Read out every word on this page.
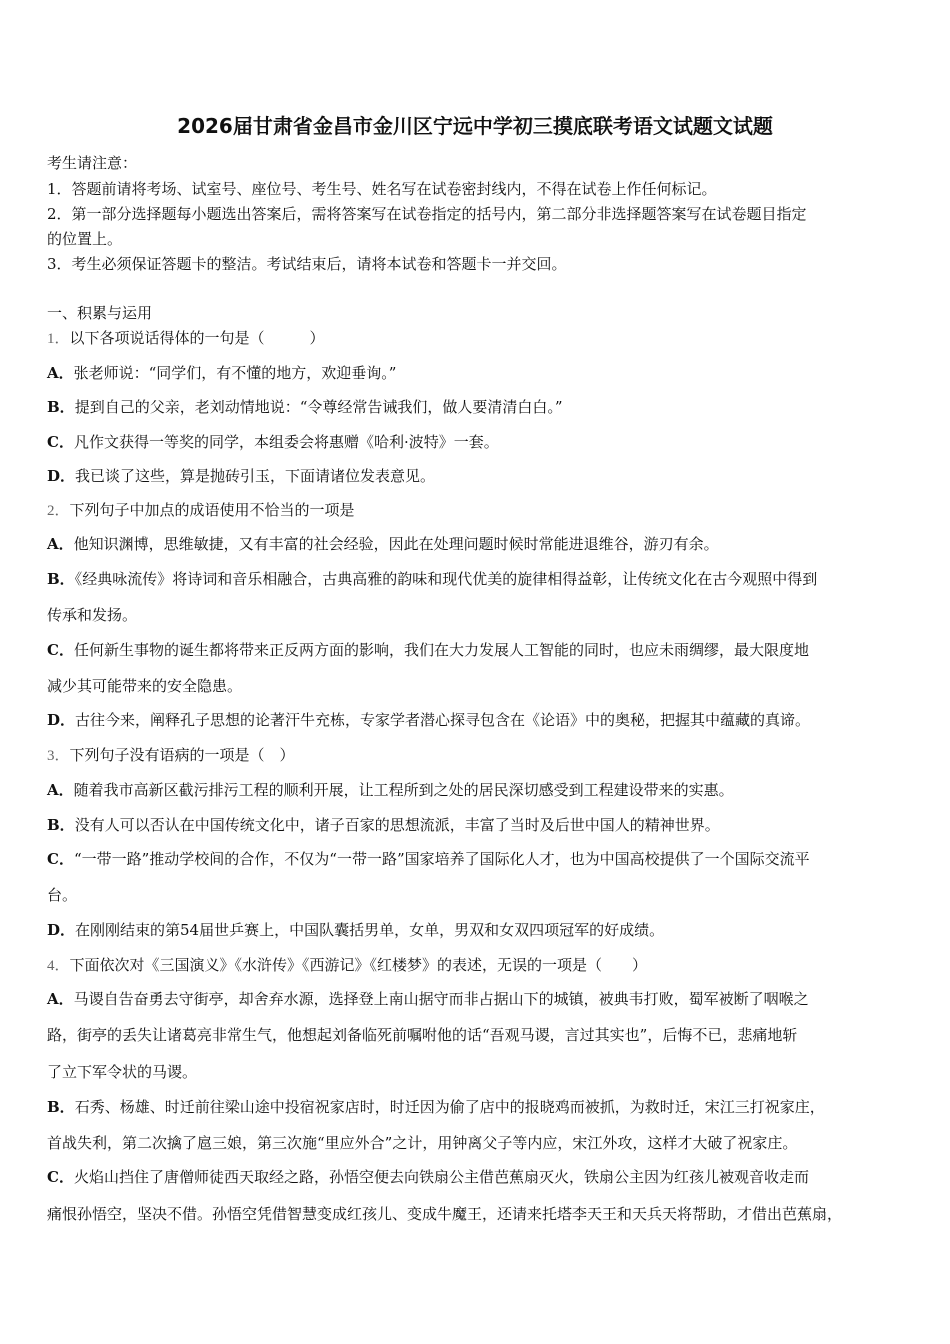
2026届甘肃省金昌市金川区宁远中学初三摸底联考语文试题文试题
考生请注意：
1．答题前请将考场、试室号、座位号、考生号、姓名写在试卷密封线内，不得在试卷上作任何标记。
2．第一部分选择题每小题选出答案后，需将答案写在试卷指定的括号内，第二部分非选择题答案写在试卷题目指定
的位置上。
3．考生必须保证答题卡的整洁。考试结束后，请将本试卷和答题卡一并交回。
一、积累与运用
1．以下各项说话得体的一句是（　　　）
A．张老师说：“同学们，有不懂的地方，欢迎垂询。”
B．提到自己的父亲，老刘动情地说：“令尊经常告诫我们，做人要清清白白。”
C．凡作文获得一等奖的同学，本组委会将惠赠《哈利·波特》一套。
D．我已谈了这些，算是抛砖引玉，下面请诸位发表意见。
2．下列句子中加点的成语使用不恰当的一项是
A．他知识渊博，思维敏捷，又有丰富的社会经验，因此在处理问题时候时常能进退维谷，游刃有余。
B．《经典咏流传》将诗词和音乐相融合，古典高雅的韵味和现代优美的旋律相得益彰，让传统文化在古今观照中得到
传承和发扬。
C．任何新生事物的诞生都将带来正反两方面的影响，我们在大力发展人工智能的同时，也应未雨绸缪，最大限度地
减少其可能带来的安全隐患。
D．古往今来，阐释孔子思想的论著汗牛充栋，专家学者潜心探寻包含在《论语》中的奥秘，把握其中蕴藏的真谛。
3．下列句子没有语病的一项是（　）
A．随着我市高新区截污排污工程的顺利开展，让工程所到之处的居民深切感受到工程建设带来的实惠。
B．没有人可以否认在中国传统文化中，诸子百家的思想流派，丰富了当时及后世中国人的精神世界。
C．“一带一路”推动学校间的合作，不仅为“一带一路”国家培养了国际化人才，也为中国高校提供了一个国际交流平
台。
D．在刚刚结束的第54届世乒赛上，中国队囊括男单，女单，男双和女双四项冠军的好成绩。
4．下面依次对《三国演义》《水浒传》《西游记》《红楼梦》的表述，无误的一项是（　　）
A．马谡自告奋勇去守街亭，却舍弃水源，选择登上南山据守而非占据山下的城镇，被典韦打败，蜀军被断了咽喉之
路，街亭的丢失让诸葛亮非常生气，他想起刘备临死前嘱咐他的话“吾观马谡，言过其实也”，后悔不已，悲痛地斩
了立下军令状的马谡。
B．石秀、杨雄、时迁前往梁山途中投宿祝家店时，时迁因为偷了店中的报晓鸡而被抓，为救时迁，宋江三打祝家庄，
首战失利，第二次擒了扈三娘，第三次施“里应外合”之计，用钟离父子等内应，宋江外攻，这样才大破了祝家庄。
C．火焰山挡住了唐僧师徒西天取经之路，孙悟空便去向铁扇公主借芭蕉扇灭火，铁扇公主因为红孩儿被观音收走而
痛恨孙悟空，坚决不借。孙悟空凭借智慧变成红孩儿、变成牛魔王，还请来托塔李天王和天兵天将帮助，才借出芭蕉扇，
